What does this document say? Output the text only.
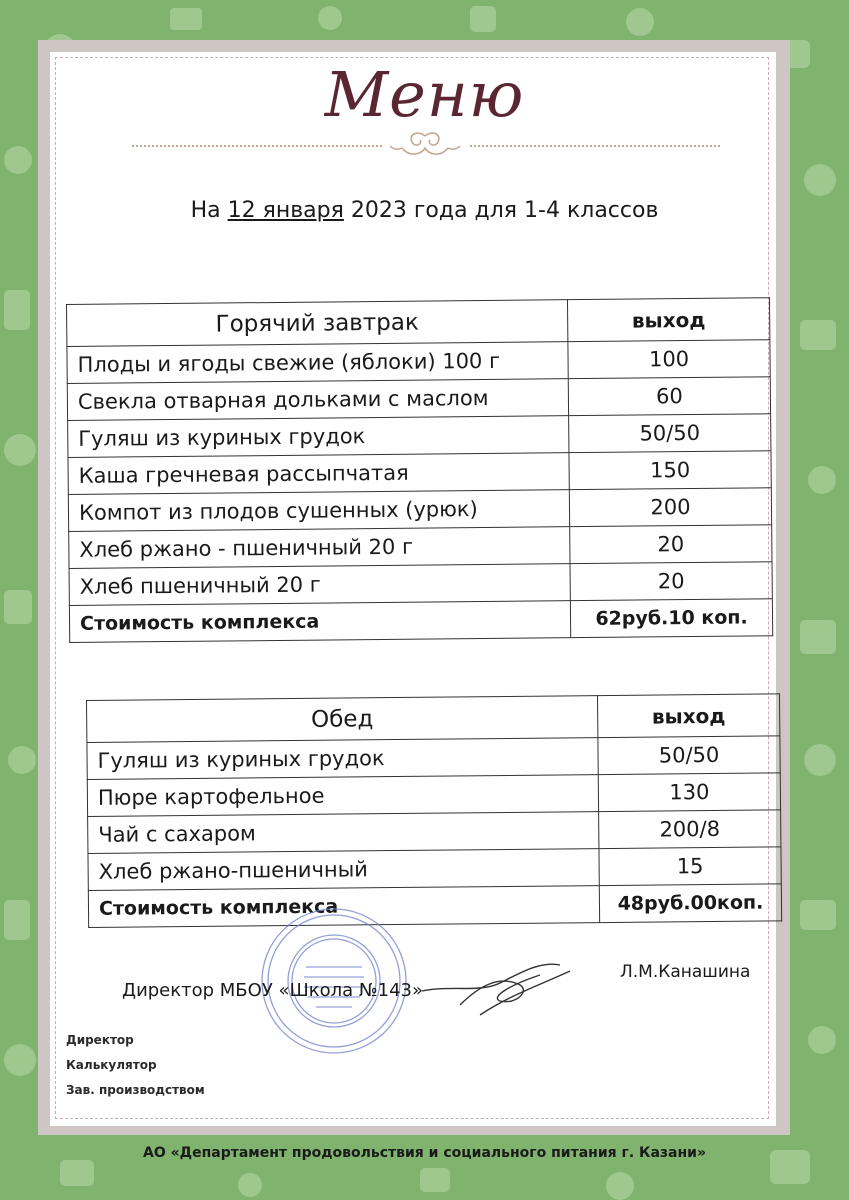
Меню
На 12 января 2023 года для 1-4 классов
Горячий завтрак	выход
Плоды и ягоды свежие (яблоки) 100 г	100
Свекла отварная дольками с маслом	60
Гуляш из куриных грудок	50/50
Каша гречневая рассыпчатая	150
Компот из плодов сушенных (урюк)	200
Хлеб ржано - пшеничный 20 г	20
Хлеб пшеничный 20 г	20
Стоимость комплекса	62руб.10 коп.
Обед	выход
Гуляш из куриных грудок	50/50
Пюре картофельное	130
Чай с сахаром	200/8
Хлеб ржано-пшеничный	15
Стоимость комплекса	48руб.00коп.
Директор МБОУ «Школа №143»
Л.М.Канашина
Директор
Калькулятор
Зав. производством
АО «Департамент продовольствия и социального питания г. Казани»
